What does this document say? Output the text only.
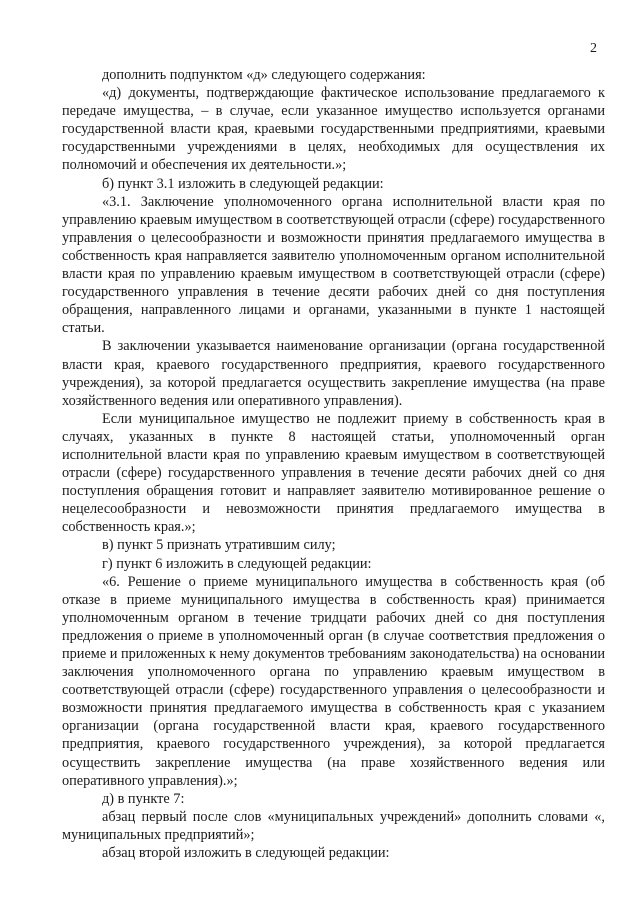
2

дополнить подпунктом «д» следующего содержания:

«д) документы, подтверждающие фактическое использование предлагаемого к передаче имущества, – в случае, если указанное имущество используется органами государственной власти края, краевыми государственными предприятиями, краевыми государственными учреждениями в целях, необходимых для осуществления их полномочий и обеспечения их деятельности.»;

б) пункт 3.1 изложить в следующей редакции:

«3.1. Заключение уполномоченного органа исполнительной власти края по управлению краевым имуществом в соответствующей отрасли (сфере) государственного управления о целесообразности и возможности принятия предлагаемого имущества в собственность края направляется заявителю уполномоченным органом исполнительной власти края по управлению краевым имуществом в соответствующей отрасли (сфере) государственного управления в течение десяти рабочих дней со дня поступления обращения, направленного лицами и органами, указанными в пункте 1 настоящей статьи.

В заключении указывается наименование организации (органа государственной власти края, краевого государственного предприятия, краевого государственного учреждения), за которой предлагается осуществить закрепление имущества (на праве хозяйственного ведения или оперативного управления).

Если муниципальное имущество не подлежит приему в собственность края в случаях, указанных в пункте 8 настоящей статьи, уполномоченный орган исполнительной власти края по управлению краевым имуществом в соответствующей отрасли (сфере) государственного управления в течение десяти рабочих дней со дня поступления обращения готовит и направляет заявителю мотивированное решение о нецелесообразности и невозможности принятия предлагаемого имущества в собственность края.»;

в) пункт 5 признать утратившим силу;

г) пункт 6 изложить в следующей редакции:

«6. Решение о приеме муниципального имущества в собственность края (об отказе в приеме муниципального имущества в собственность края) принимается уполномоченным органом в течение тридцати рабочих дней со дня поступления предложения о приеме в уполномоченный орган (в случае соответствия предложения о приеме и приложенных к нему документов требованиям законодательства) на основании заключения уполномоченного органа по управлению краевым имуществом в соответствующей отрасли (сфере) государственного управления о целесообразности и возможности принятия предлагаемого имущества в собственность края с указанием организации (органа государственной власти края, краевого государственного предприятия, краевого государственного учреждения), за которой предлагается осуществить закрепление имущества (на праве хозяйственного ведения или оперативного управления).»;

д) в пункте 7:

абзац первый после слов «муниципальных учреждений» дополнить словами «, муниципальных предприятий»;

абзац второй изложить в следующей редакции:
